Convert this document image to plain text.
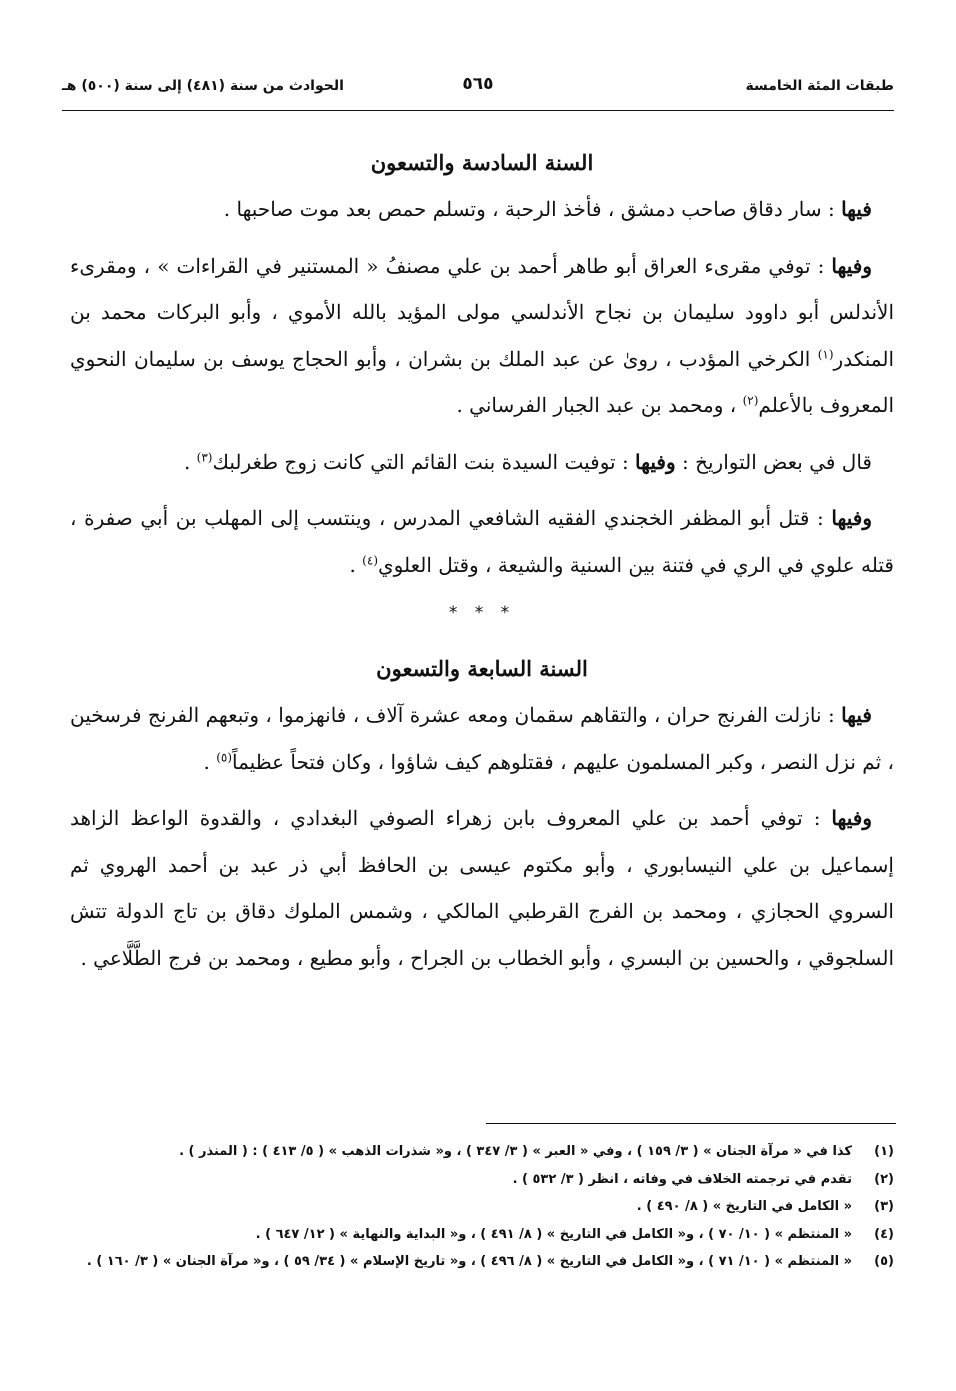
طبقات المئة الخامسة
٥٦٥
الحوادث من سنة (٤٨١) إلى سنة (٥٠٠) هـ
السنة السادسة والتسعون

فيها : سار دقاق صاحب دمشق ، فأخذ الرحبة ، وتسلم حمص بعد موت صاحبها .

وفيها : توفي مقرىء العراق أبو طاهر أحمد بن علي مصنفُ « المستنير في القراءات » ، ومقرىء الأندلس أبو داوود سليمان بن نجاح الأندلسي مولى المؤيد بالله الأموي ، وأبو البركات محمد بن المنكدر$^{(١)}$ الكرخي المؤدب ، روىٰ عن عبد الملك بن بشران ، وأبو الحجاج يوسف بن سليمان النحوي المعروف بالأعلم$^{(٢)}$ ، ومحمد بن عبد الجبار الفرساني .

قال في بعض التواريخ : وفيها : توفيت السيدة بنت القائم التي كانت زوج طغرلبك$^{(٣)}$ .

وفيها : قتل أبو المظفر الخجندي الفقيه الشافعي المدرس ، وينتسب إلى المهلب بن أبي صفرة ، قتله علوي في الري في فتنة بين السنية والشيعة ، وقتل العلوي$^{(٤)}$ .

* * *
السنة السابعة والتسعون

فيها : نازلت الفرنج حران ، والتقاهم سقمان ومعه عشرة آلاف ، فانهزموا ، وتبعهم الفرنج فرسخين ، ثم نزل النصر ، وكبر المسلمون عليهم ، فقتلوهم كيف شاؤوا ، وكان فتحاً عظيماً$^{(٥)}$ .

وفيها : توفي أحمد بن علي المعروف بابن زهراء الصوفي البغدادي ، والقدوة الواعظ الزاهد إسماعيل بن علي النيسابوري ، وأبو مكتوم عيسى بن الحافظ أبي ذر عبد بن أحمد الهروي ثم السروي الحجازي ، ومحمد بن الفرج القرطبي المالكي ، وشمس الملوك دقاق بن تاج الدولة تتش السلجوقي ، والحسين بن البسري ، وأبو الخطاب بن الجراح ، وأبو مطيع ، ومحمد بن فرج الطَّلَّاعي .

(١)
كذا في « مرآة الجنان » ( ٣/ ١٥٩ ) ، وفي « العبر » ( ٣/ ٣٤٧ ) ، و« شذرات الذهب » ( ٥/ ٤١٣ ) : ( المنذر ) .
(٢)
تقدم في ترجمته الخلاف في وفاته ، انظر ( ٣/ ٥٣٢ ) .
(٣)
« الكامل في التاريخ » ( ٨/ ٤٩٠ ) .
(٤)
« المنتظم » ( ١٠/ ٧٠ ) ، و« الكامل في التاريخ » ( ٨/ ٤٩١ ) ، و« البداية والنهاية » ( ١٢/ ٦٤٧ ) .
(٥)
« المنتظم » ( ١٠/ ٧١ ) ، و« الكامل في التاريخ » ( ٨/ ٤٩٦ ) ، و« تاريخ الإسلام » ( ٣٤/ ٥٩ ) ، و« مرآة الجنان » ( ٣/ ١٦٠ ) .
